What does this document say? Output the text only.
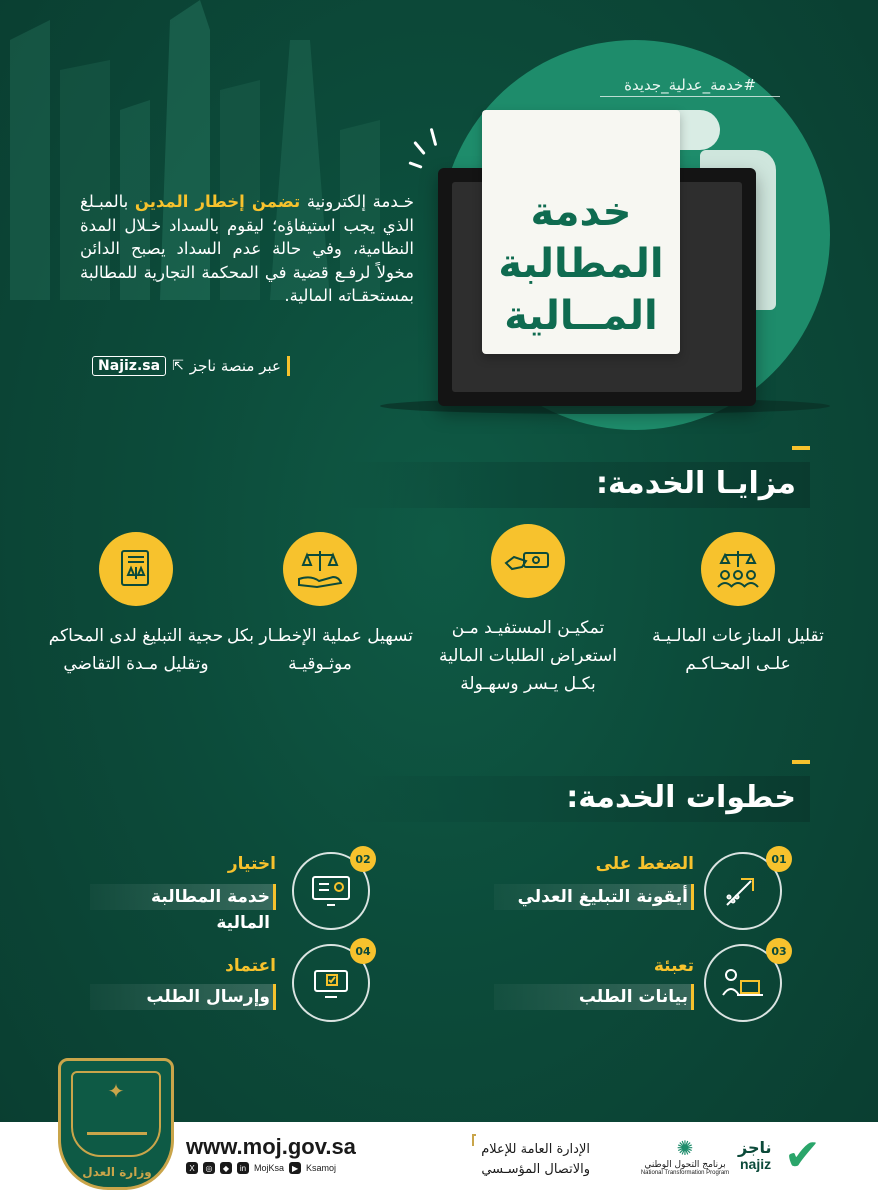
#خدمة_عدلية_جديدة
خدمة
المطالبة
المــالية

خـدمة إلكترونية تضمن إخطار المدين بالمبـلغ الذي يجب استيفاؤه؛ ليقوم بالسداد خـلال المدة النظامية، وفي حالة عدم السداد يصبح الدائن مخولاً لرفـع قضية في المحكمة التجارية للمطالبة بمستحقـاته المالية.

عبر منصة ناجز
⇱
Najiz.sa
مزايـا الخدمة:
تقليل المنازعات المالـيـة علـى المحـاكـم
تمكيـن المستفيـد مـن استعراض الطلبات المالية بكـل يـسر وسهـولة
تسهيل عملية الإخطـار بكل موثـوقيـة
حجية التبليغ لدى المحاكم وتقليل مـدة التقاضي
خطوات الخدمة:
01
الضغط على
أيقونة التبليغ العدلي
02
اختيار
خدمة المطالبة المالية
03
تعبئة
بيانات الطلب
04
اعتماد
وإرسال الطلب
✦
وزارة العدل
www.moj.gov.sa
X	◎	◆	in MojKsa ▶ Ksamoj
الإدارة العامة للإعلام
والاتصال المؤسـسي
✺
برنامج التحول الوطني
National Transformation Program ✔
ناجز
najiz
